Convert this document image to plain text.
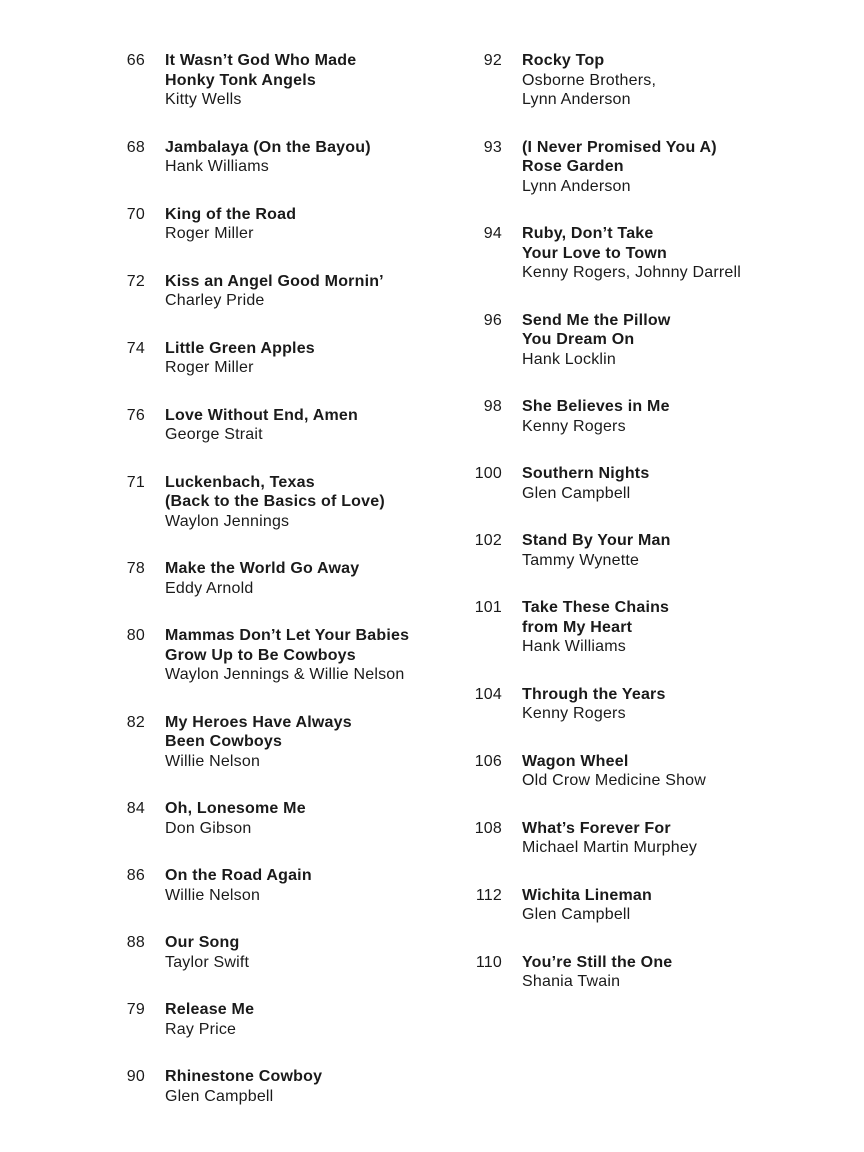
66 It Wasn’t God Who Made
Honky Tonk Angels
Kitty Wells
68 Jambalaya (On the Bayou)
Hank Williams
70 King of the Road
Roger Miller
72 Kiss an Angel Good Mornin’
Charley Pride
74 Little Green Apples
Roger Miller
76 Love Without End, Amen
George Strait
71 Luckenbach, Texas
(Back to the Basics of Love)
Waylon Jennings
78 Make the World Go Away
Eddy Arnold
80 Mammas Don’t Let Your Babies
Grow Up to Be Cowboys
Waylon Jennings & Willie Nelson
82 My Heroes Have Always
Been Cowboys
Willie Nelson
84 Oh, Lonesome Me
Don Gibson
86 On the Road Again
Willie Nelson
88 Our Song
Taylor Swift
79 Release Me
Ray Price
90 Rhinestone Cowboy
Glen Campbell
92 Rocky Top
Osborne Brothers,
Lynn Anderson
93 (I Never Promised You A)
Rose Garden
Lynn Anderson
94 Ruby, Don’t Take
Your Love to Town
Kenny Rogers, Johnny Darrell
96 Send Me the Pillow
You Dream On
Hank Locklin
98 She Believes in Me
Kenny Rogers
100 Southern Nights
Glen Campbell
102 Stand By Your Man
Tammy Wynette
101 Take These Chains
from My Heart
Hank Williams
104 Through the Years
Kenny Rogers
106 Wagon Wheel
Old Crow Medicine Show
108 What’s Forever For
Michael Martin Murphey
112 Wichita Lineman
Glen Campbell
110 You’re Still the One
Shania Twain
